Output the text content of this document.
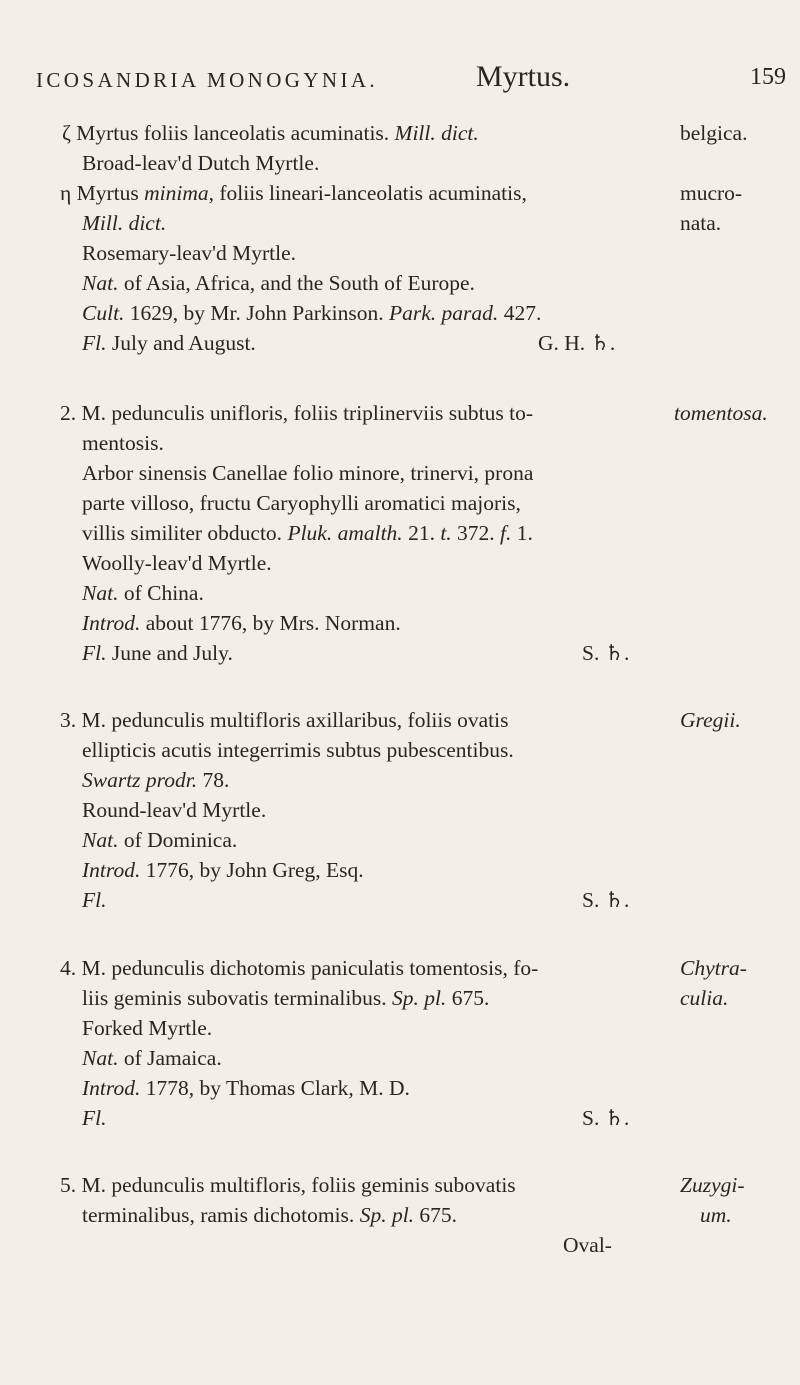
ICOSANDRIA MONOGYNIA.	Myrtus.	159
ζ Myrtus foliis lanceolatis acuminatis. Mill. dict.
Broad-leav'd Dutch Myrtle.
belgica.
η Myrtus minima, foliis lineari-lanceolatis acuminatis,
Mill. dict.
Rosemary-leav'd Myrtle.
Nat. of Asia, Africa, and the South of Europe.
Cult. 1629, by Mr. John Parkinson. Park. parad. 427.
Fl. July and August.	G. H. ♄.
mucro-
nata.
2. M. pedunculis unifloris, foliis triplinerviis subtus to-
mentosis.
Arbor sinensis Canellae folio minore, trinervi, prona
parte villoso, fructu Caryophylli aromatici majoris,
villis similiter obducto. Pluk. amalth. 21. t. 372. f. 1.
Woolly-leav'd Myrtle.
Nat. of China.
Introd. about 1776, by Mrs. Norman.
Fl. June and July.	S. ♄.
tomentosa.
3. M. pedunculis multifloris axillaribus, foliis ovatis
ellipticis acutis integerrimis subtus pubescentibus.
Swartz prodr. 78.
Round-leav'd Myrtle.
Nat. of Dominica.
Introd. 1776, by John Greg, Esq.
Fl.	S. ♄.
Gregii.
4. M. pedunculis dichotomis paniculatis tomentosis, fo-
liis geminis subovatis terminalibus. Sp. pl. 675.
Forked Myrtle.
Nat. of Jamaica.
Introd. 1778, by Thomas Clark, M. D.
Fl.	S. ♄.
Chytra-
culia.
5. M. pedunculis multifloris, foliis geminis subovatis
terminalibus, ramis dichotomis. Sp. pl. 675.
Oval-
Zuzygi-
um.
